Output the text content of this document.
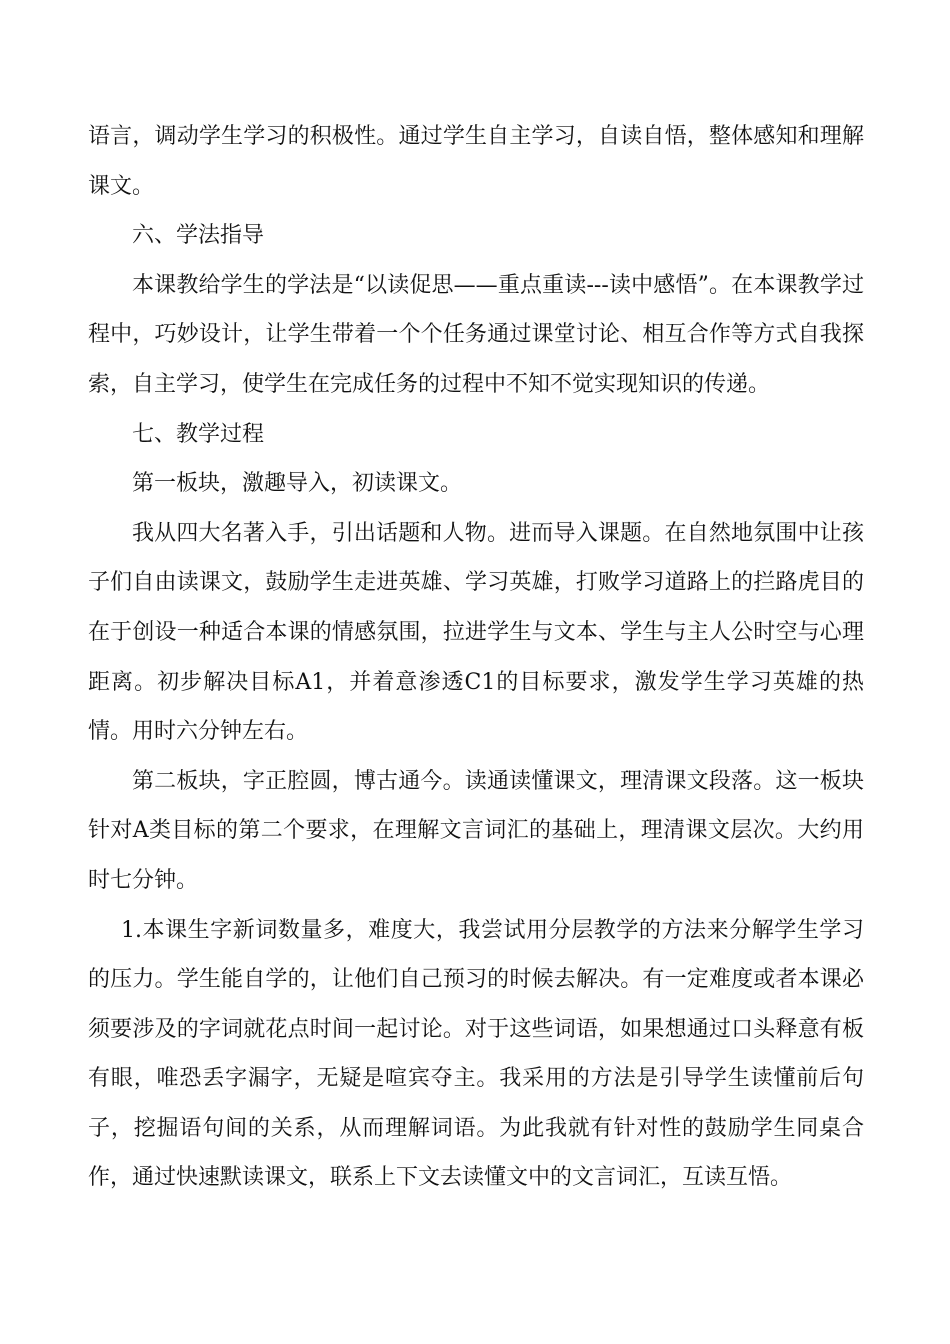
语言，调动学生学习的积极性。通过学生自主学习，自读自悟，整体感知和理解课文。

六、学法指导

本课教给学生的学法是“以读促思——重点重读---读中感悟”。在本课教学过程中，巧妙设计，让学生带着一个个任务通过课堂讨论、相互合作等方式自我探索，自主学习，使学生在完成任务的过程中不知不觉实现知识的传递。

七、教学过程

第一板块，激趣导入，初读课文。

我从四大名著入手，引出话题和人物。进而导入课题。在自然地氛围中让孩子们自由读课文，鼓励学生走进英雄、学习英雄，打败学习道路上的拦路虎目的在于创设一种适合本课的情感氛围，拉进学生与文本、学生与主人公时空与心理距离。初步解决目标A1，并着意渗透C1的目标要求，激发学生学习英雄的热情。用时六分钟左右。

第二板块，字正腔圆，博古通今。读通读懂课文，理清课文段落。这一板块针对A类目标的第二个要求，在理解文言词汇的基础上，理清课文层次。大约用时七分钟。

1.本课生字新词数量多，难度大，我尝试用分层教学的方法来分解学生学习的压力。学生能自学的，让他们自己预习的时候去解决。有一定难度或者本课必须要涉及的字词就花点时间一起讨论。对于这些词语，如果想通过口头释意有板有眼，唯恐丢字漏字，无疑是喧宾夺主。我采用的方法是引导学生读懂前后句子，挖掘语句间的关系，从而理解词语。为此我就有针对性的鼓励学生同桌合作，通过快速默读课文，联系上下文去读懂文中的文言词汇，互读互悟。
